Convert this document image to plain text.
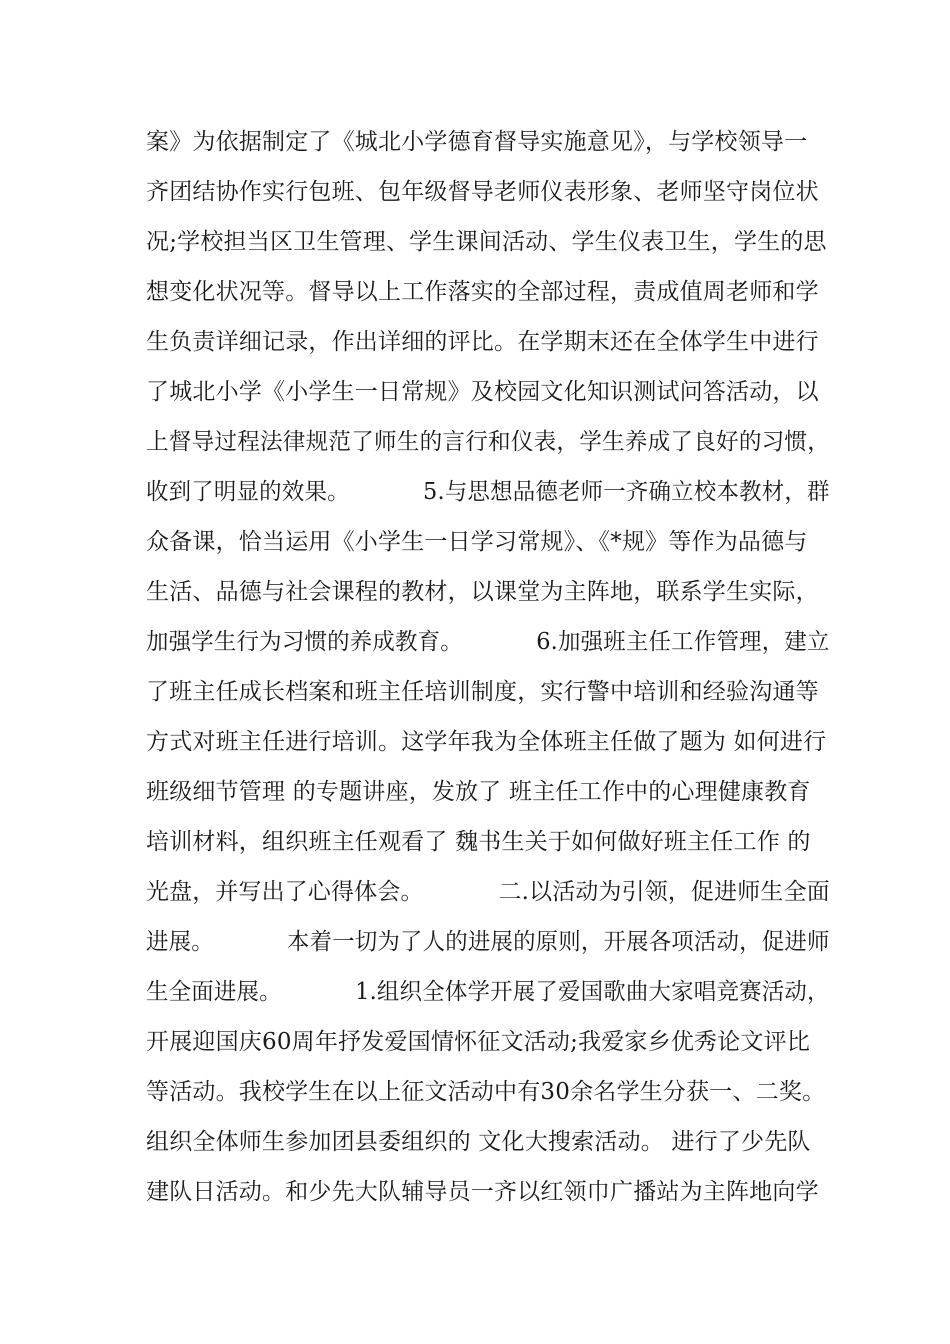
案》为依据制定了《城北小学德育督导实施意见》，与学校领导一
齐团结协作实行包班、包年级督导老师仪表形象、老师坚守岗位状
况;学校担当区卫生管理、学生课间活动、学生仪表卫生，学生的思
想变化状况等。督导以上工作落实的全部过程，责成值周老师和学
生负责详细记录，作出详细的评比。在学期末还在全体学生中进行
了城北小学《小学生一日常规》及校园文化知识测试问答活动，以
上督导过程法律规范了师生的言行和仪表，学生养成了良好的习惯，
收到了明显的效果。          5.与思想品德老师一齐确立校本教材，群
众备课，恰当运用《小学生一日学习常规》、《*规》等作为品德与
生活、品德与社会课程的教材，以课堂为主阵地，联系学生实际，
加强学生行为习惯的养成教育。          6.加强班主任工作管理，建立
了班主任成长档案和班主任培训制度，实行警中培训和经验沟通等
方式对班主任进行培训。这学年我为全体班主任做了题为 如何进行
班级细节管理 的专题讲座，发放了 班主任工作中的心理健康教育
培训材料，组织班主任观看了 魏书生关于如何做好班主任工作 的
光盘，并写出了心得体会。          二.以活动为引领，促进师生全面
进展。          本着一切为了人的进展的原则，开展各项活动，促进师
生全面进展。          1.组织全体学开展了爱国歌曲大家唱竞赛活动，
开展迎国庆60周年抒发爱国情怀征文活动;我爱家乡优秀论文评比
等活动。我校学生在以上征文活动中有30余名学生分获一、二奖。
组织全体师生参加团县委组织的 文化大搜索活动。 进行了少先队
建队日活动。和少先大队辅导员一齐以红领巾广播站为主阵地向学
